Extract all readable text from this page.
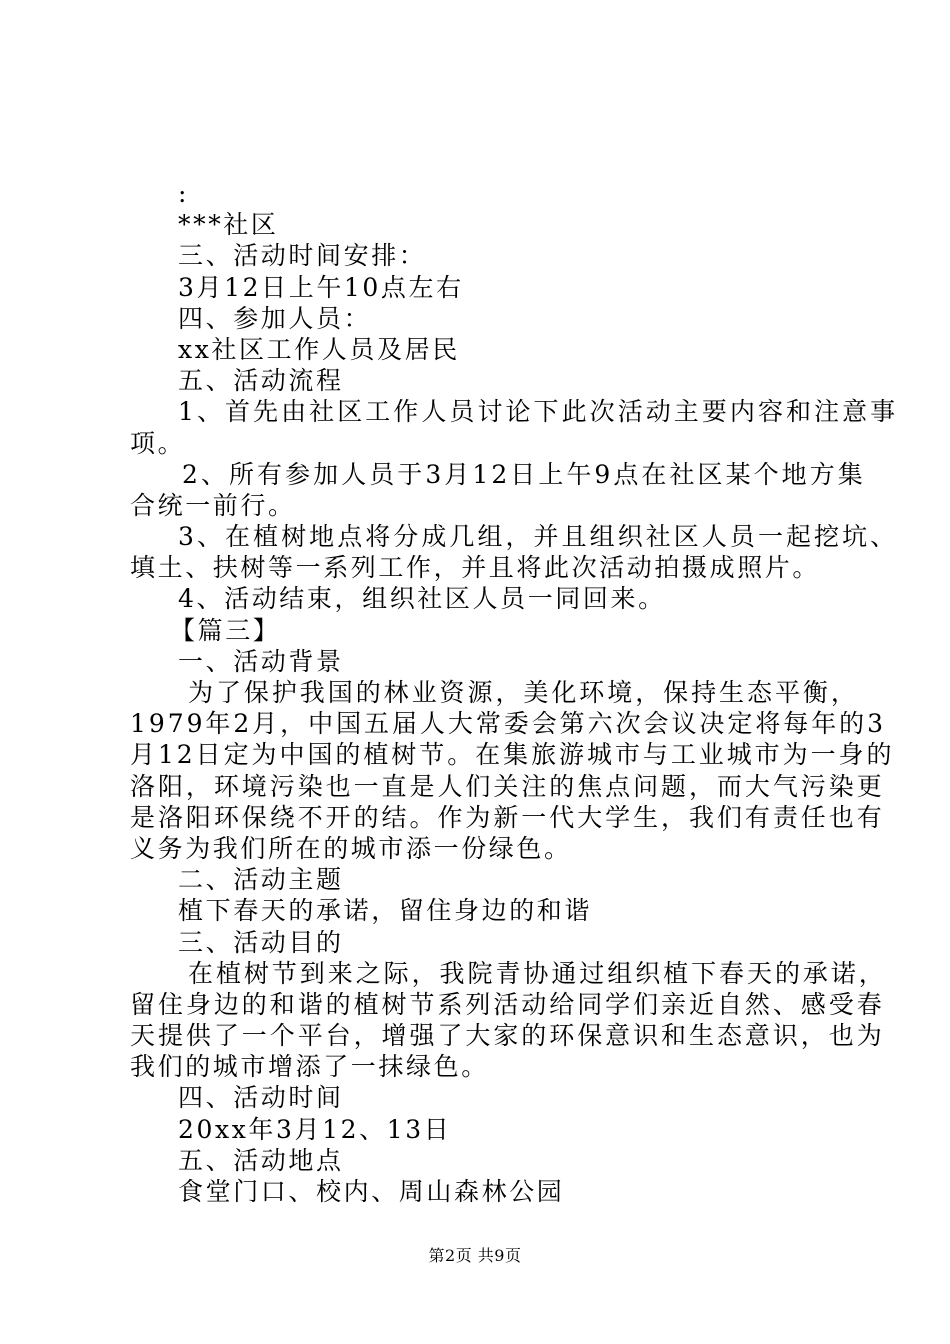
:
***社区
三、活动时间安排：
3月12日上午10点左右
四、参加人员：
xx社区工作人员及居民
五、活动流程
1、首先由社区工作人员讨论下此次活动主要内容和注意事
项。
2、所有参加人员于3月12日上午9点在社区某个地方集
合统一前行。
3、在植树地点将分成几组，并且组织社区人员一起挖坑、
填土、扶树等一系列工作，并且将此次活动拍摄成照片。
4、活动结束，组织社区人员一同回来。
【篇三】
一、活动背景
为了保护我国的林业资源，美化环境，保持生态平衡，
1979年2月，中国五届人大常委会第六次会议决定将每年的3
月12日定为中国的植树节。在集旅游城市与工业城市为一身的
洛阳，环境污染也一直是人们关注的焦点问题，而大气污染更
是洛阳环保绕不开的结。作为新一代大学生，我们有责任也有
义务为我们所在的城市添一份绿色。
二、活动主题
植下春天的承诺，留住身边的和谐
三、活动目的
在植树节到来之际，我院青协通过组织植下春天的承诺，
留住身边的和谐的植树节系列活动给同学们亲近自然、感受春
天提供了一个平台，增强了大家的环保意识和生态意识，也为
我们的城市增添了一抹绿色。
四、活动时间
20xx年3月12、13日
五、活动地点
食堂门口、校内、周山森林公园
第2页 共9页
